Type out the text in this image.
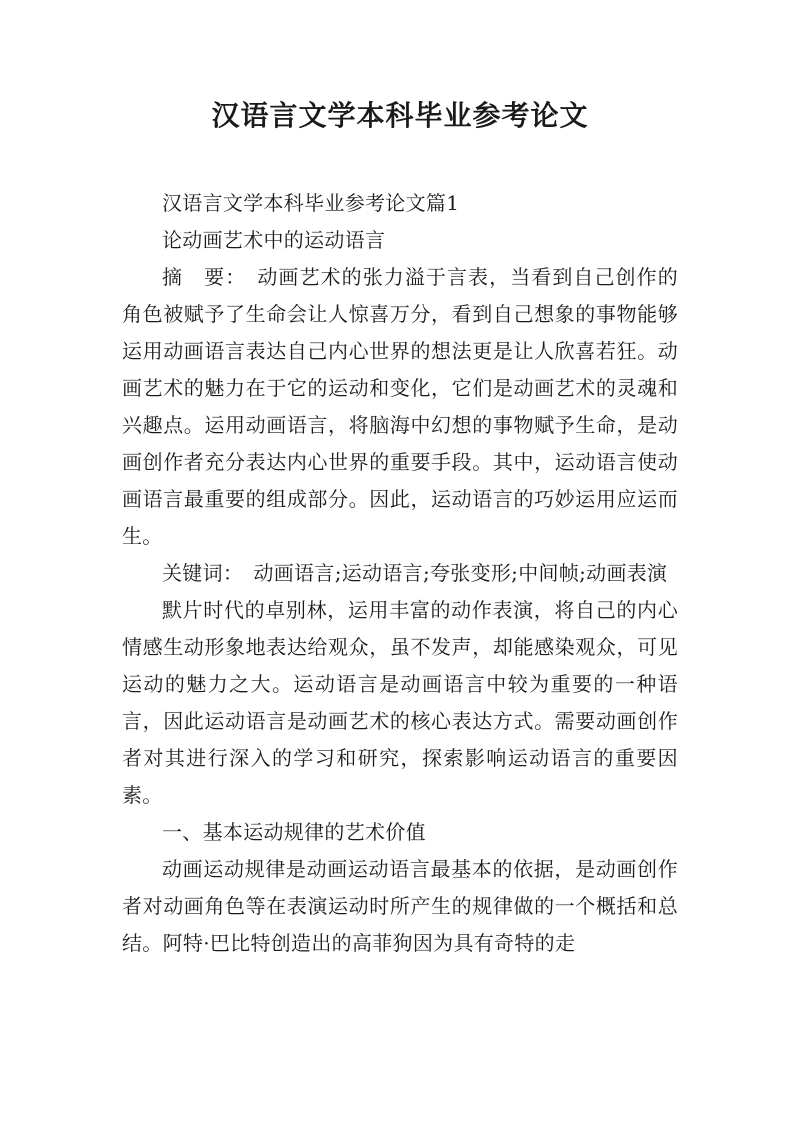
汉语言文学本科毕业参考论文

汉语言文学本科毕业参考论文篇1

论动画艺术中的运动语言

摘　要：　动画艺术的张力溢于言表，当看到自己创作的角色被赋予了生命会让人惊喜万分，看到自己想象的事物能够运用动画语言表达自己内心世界的想法更是让人欣喜若狂。动画艺术的魅力在于它的运动和变化，它们是动画艺术的灵魂和兴趣点。运用动画语言，将脑海中幻想的事物赋予生命，是动画创作者充分表达内心世界的重要手段。其中，运动语言使动画语言最重要的组成部分。因此，运动语言的巧妙运用应运而生。

关键词：　动画语言;运动语言;夸张变形;中间帧;动画表演

默片时代的卓别林，运用丰富的动作表演，将自己的内心情感生动形象地表达给观众，虽不发声，却能感染观众，可见运动的魅力之大。运动语言是动画语言中较为重要的一种语言，因此运动语言是动画艺术的核心表达方式。需要动画创作者对其进行深入的学习和研究，探索影响运动语言的重要因素。

一、基本运动规律的艺术价值

动画运动规律是动画运动语言最基本的依据，是动画创作者对动画角色等在表演运动时所产生的规律做的一个概括和总结。阿特·巴比特创造出的高菲狗因为具有奇特的走
